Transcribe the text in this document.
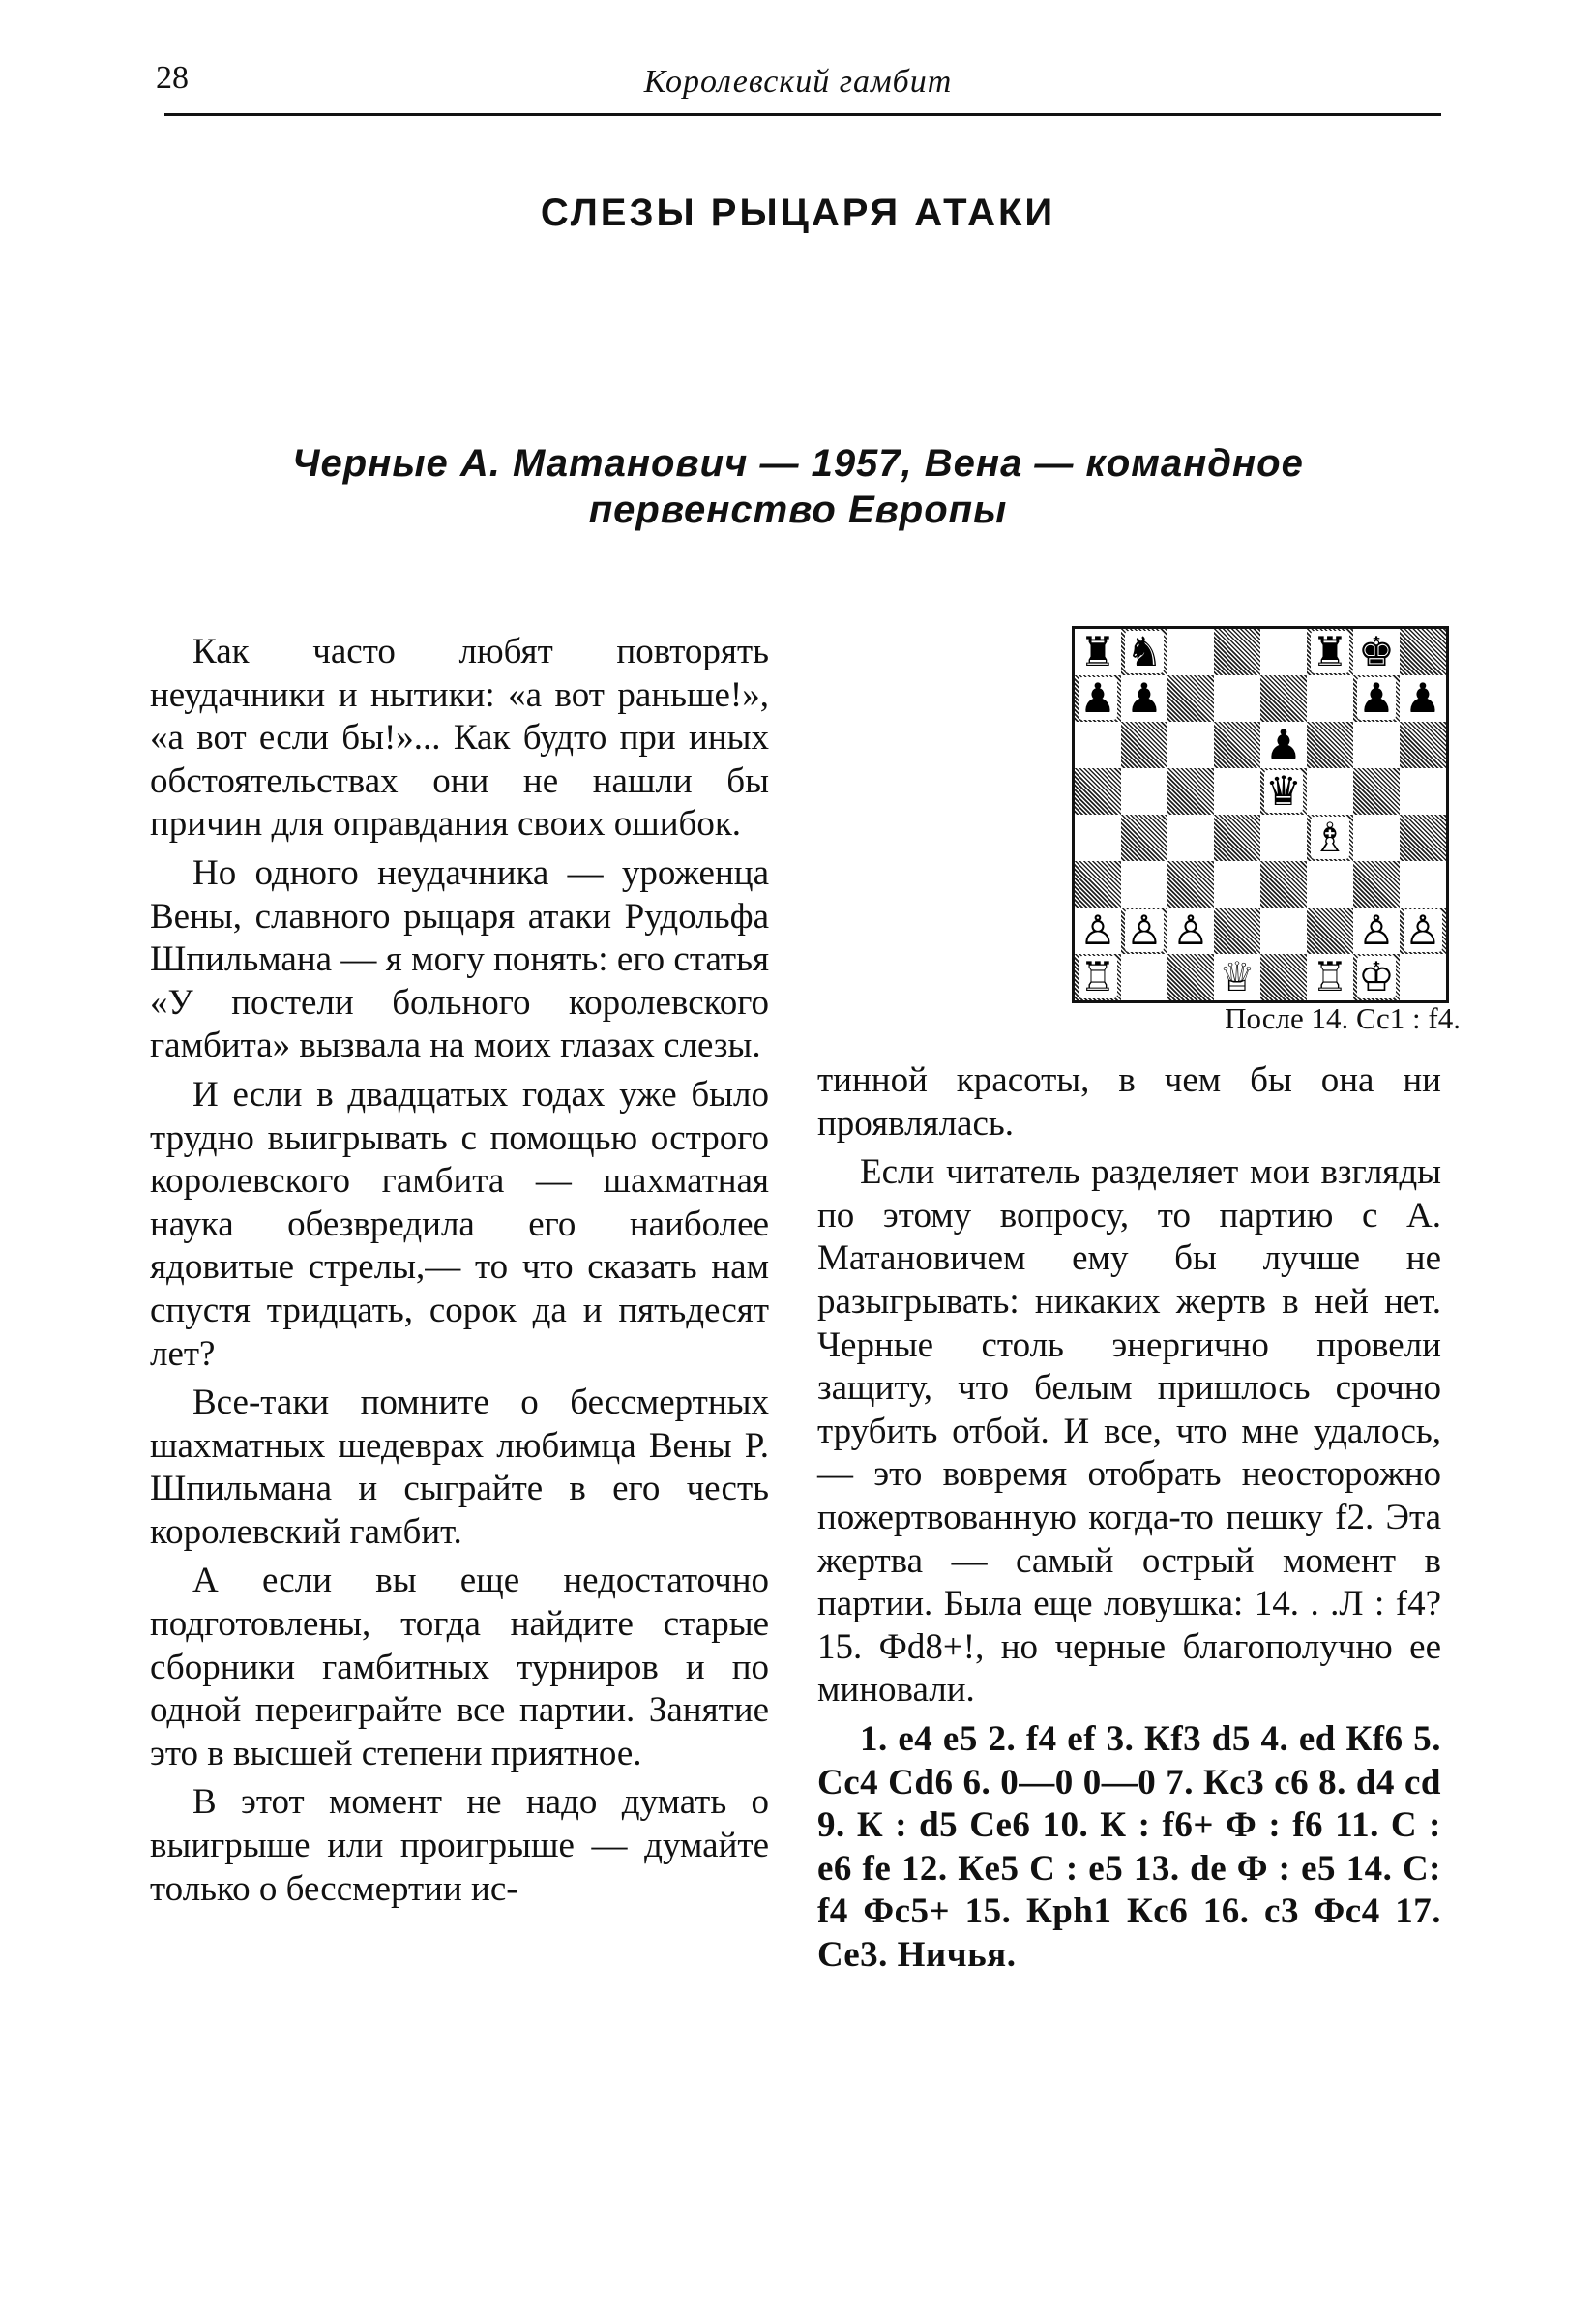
28	Королевский гамбит
СЛЕЗЫ РЫЦАРЯ АТАКИ
Черные А. Матанович — 1957, Вена — командное
первенство Европы

Как часто любят повторять неудачники и нытики: «а вот раньше!», «а вот если бы!»... Как будто при иных обстоятельствах они не нашли бы причин для оправдания своих ошибок.

Но одного неудачника — уроженца Вены, славного рыцаря атаки Рудольфа Шпильмана — я могу понять: его статья «У постели больного королевского гамбита» вызвала на моих глазах слезы.

И если в двадцатых годах уже было трудно выигрывать с помощью острого королевского гамбита — шахматная наука обезвредила его наиболее ядовитые стрелы,— то что сказать нам спустя тридцать, сорок да и пятьдесят лет?

Все-таки помните о бессмертных шахматных шедеврах любимца Вены Р. Шпильмана и сыграйте в его честь королевский гамбит.

А если вы еще недостаточно подготовлены, тогда найдите старые сборники гамбитных турниров и по одной переиграйте все партии. Занятие это в высшей степени приятное.

В этот момент не надо думать о выигрыше или проигрыше — думайте только о бессмертии ис-

♜ ♞	♜ ♚
♟ ♟	♟ ♟
♟
♛
♗
♙ ♙ ♙	♙ ♙
♖	♕ ♖ ♔
После 14. Сс1 : f4.

тинной красоты, в чем бы она ни проявлялась.

Если читатель разделяет мои взгляды по этому вопросу, то партию с А. Матановичем ему бы лучше не разыгрывать: никаких жертв в ней нет. Черные столь энергично провели защиту, что белым пришлось срочно трубить отбой. И все, что мне удалось,— это вовремя отобрать неосторожно пожертвованную когда-то пешку f2. Эта жертва — самый острый момент в партии. Была еще ловушка: 14. . .Л : f4? 15. Фd8+!, но черные благополучно ее миновали.

1. e4 e5 2. f4 ef 3. Кf3 d5 4. ed Кf6 5. Сc4 Сd6 6. 0—0 0—0 7. Кc3 c6 8. d4 cd 9. К : d5 Сe6 10. К : f6+ Ф : f6 11. С : e6 fe 12. Кe5 С : e5 13. de Ф : e5 14. С: f4 Фc5+ 15. Крh1 Кc6 16. c3 Фc4 17. Сe3. Ничья.
